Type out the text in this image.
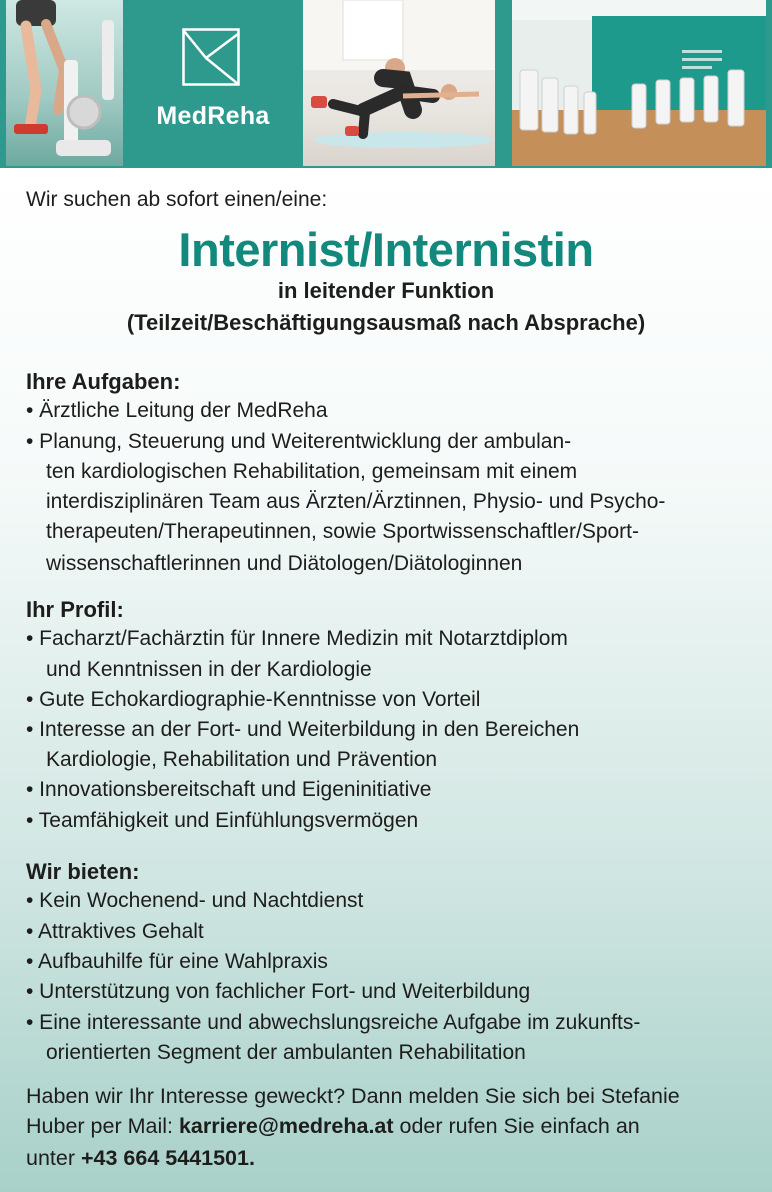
MedReha
Wir suchen ab sofort einen/eine:
Internist/Internistin
in leitender Funktion
(Teilzeit/Beschäftigungsausmaß nach Absprache)
Ihre Aufgaben:
• Ärztliche Leitung der MedReha
• Planung, Steuerung und Weiterentwicklung der ambulan-
ten kardiologischen Rehabilitation, gemeinsam mit einem
interdisziplinären Team aus Ärzten/Ärztinnen, Physio- und Psycho-
therapeuten/Therapeutinnen, sowie Sportwissenschaftler/Sport-
wissenschaftlerinnen und Diätologen/Diätologinnen
Ihr Profil:
• Facharzt/Fachärztin für Innere Medizin mit Notarztdiplom
und Kenntnissen in der Kardiologie
• Gute Echokardiographie-Kenntnisse von Vorteil
• Interesse an der Fort- und Weiterbildung in den Bereichen
Kardiologie, Rehabilitation und Prävention
• Innovationsbereitschaft und Eigeninitiative
• Teamfähigkeit und Einfühlungsvermögen
Wir bieten:
• Kein Wochenend- und Nachtdienst
• Attraktives Gehalt
• Aufbauhilfe für eine Wahlpraxis
• Unterstützung von fachlicher Fort- und Weiterbildung
• Eine interessante und abwechslungsreiche Aufgabe im zukunfts-
orientierten Segment der ambulanten Rehabilitation
Haben wir Ihr Interesse geweckt? Dann melden Sie sich bei Stefanie
Huber per Mail: karriere@medreha.at oder rufen Sie einfach an
unter +43 664 5441501.
